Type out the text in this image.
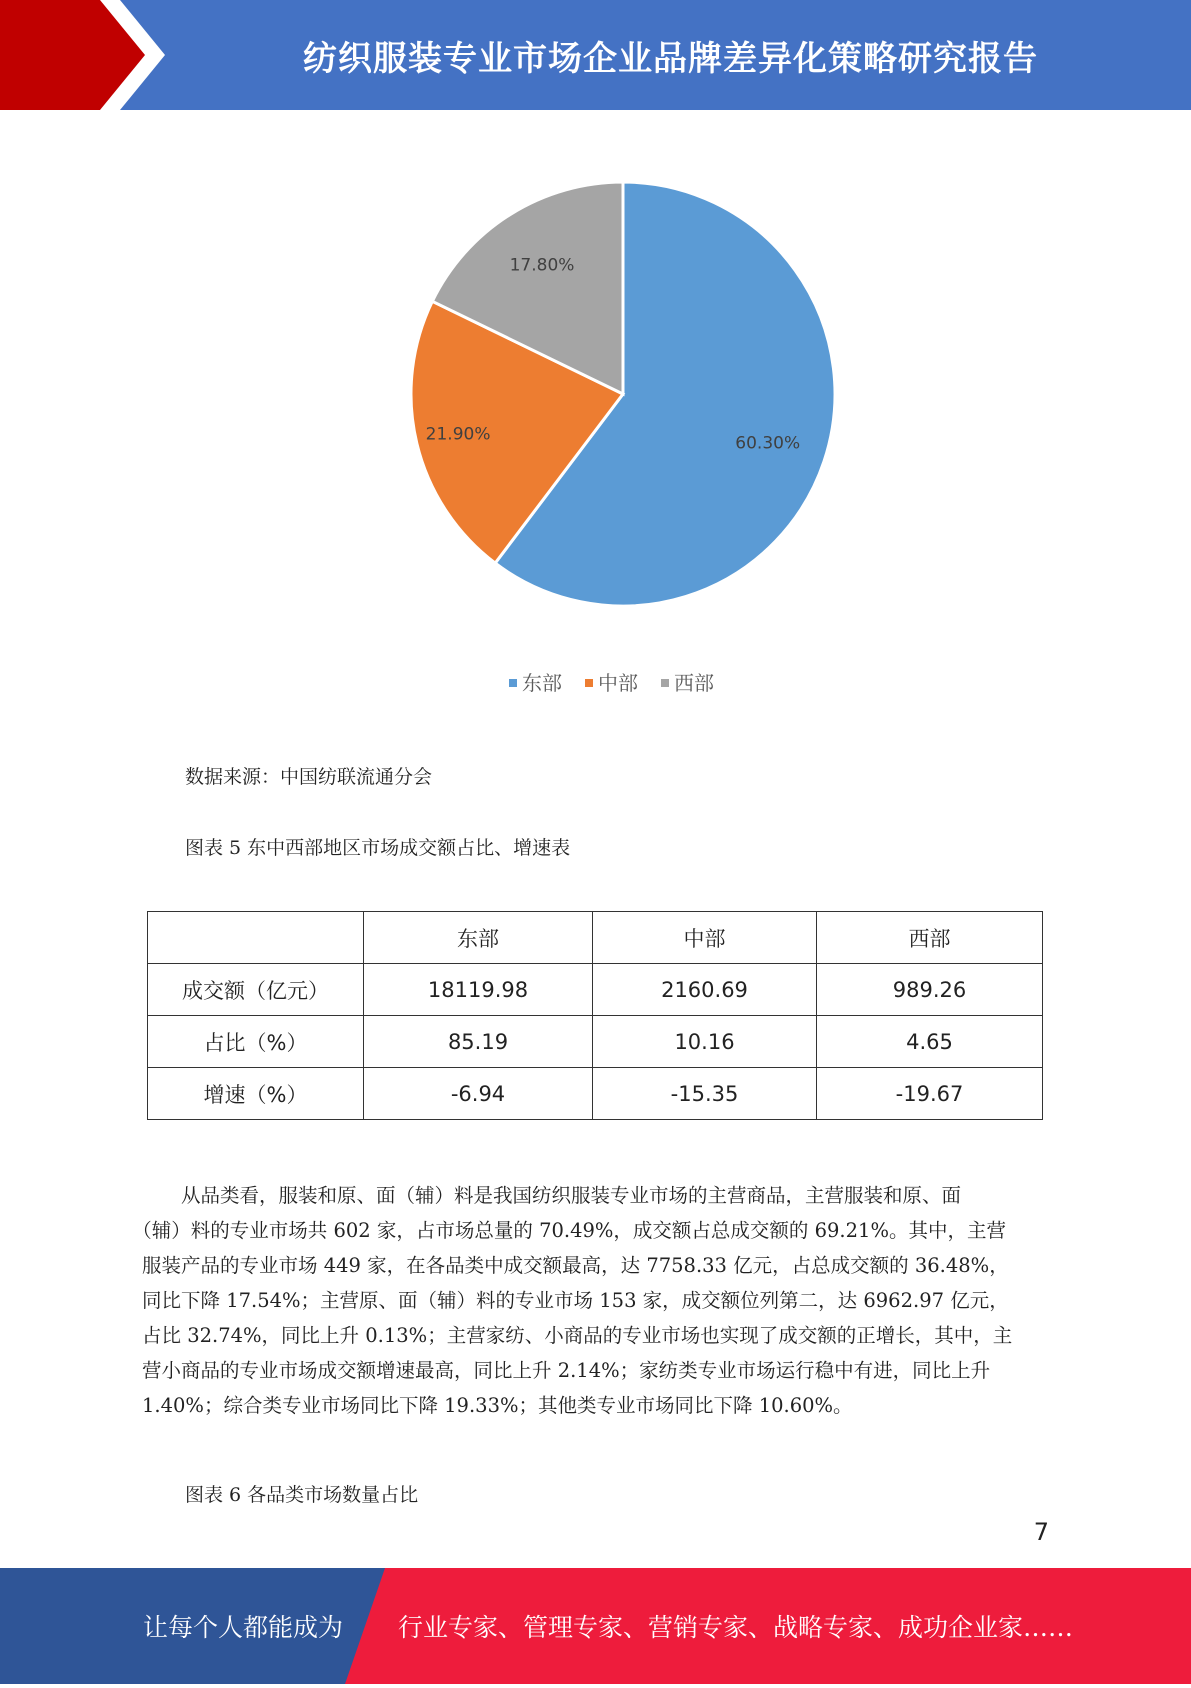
纺织服装专业市场企业品牌差异化策略研究报告
60.30%
21.90%
17.80%
东部 中部 西部
数据来源：中国纺联流通分会
图表 5 东中西部地区市场成交额占比、增速表
	东部	中部	西部
成交额（亿元）	18119.98	2160.69	989.26
占比（%）	85.19	10.16	4.65
增速（%）	-6.94	-15.35	-19.67
从品类看，服装和原、面（辅）料是我国纺织服装专业市场的主营商品，主营服装和原、面
（辅）料的专业市场共 602 家，占市场总量的 70.49%，成交额占总成交额的 69.21%。其中，主营
服装产品的专业市场 449 家，在各品类中成交额最高，达 7758.33 亿元，占总成交额的 36.48%，
同比下降 17.54%；主营原、面（辅）料的专业市场 153 家，成交额位列第二，达 6962.97 亿元，
占比 32.74%，同比上升 0.13%；主营家纺、小商品的专业市场也实现了成交额的正增长，其中，主
营小商品的专业市场成交额增速最高，同比上升 2.14%；家纺类专业市场运行稳中有进，同比上升
1.40%；综合类专业市场同比下降 19.33%；其他类专业市场同比下降 10.60%。
图表 6 各品类市场数量占比
7
让每个人都能成为 行业专家、管理专家、营销专家、战略专家、成功企业家……
